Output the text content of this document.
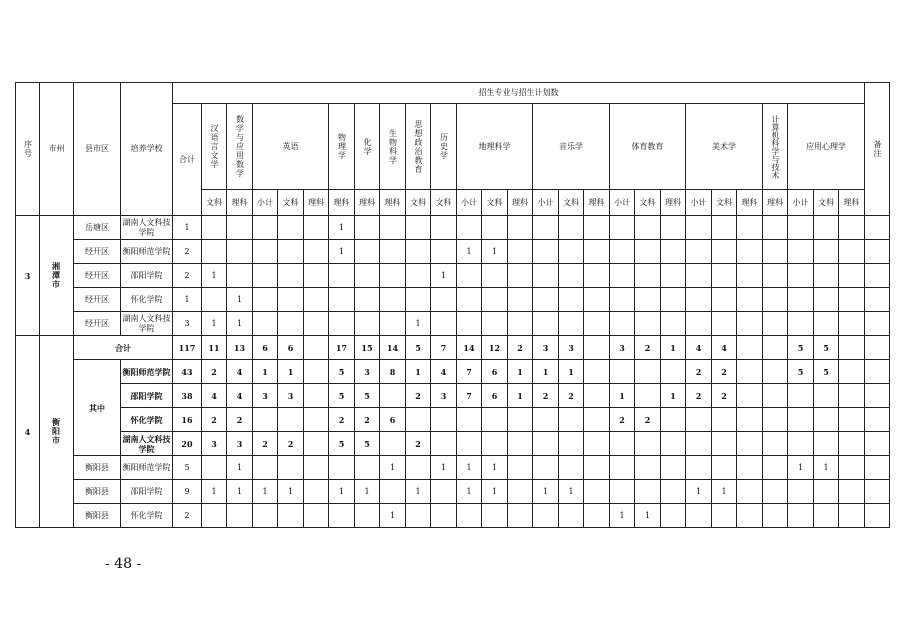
序号	市州	县市区	培养学校	招生专业与招生计划数																											备注
				合计	汉语言文学	数学与应用数学	英语			物理学	化学	生物科学	思想政治教育	历史学	地理科学			音乐学			体育教育			美术学			计算机科学与技术	应用心理学			
					文科	理科	小计	文科	理科	理科	理科	理科	文科	文科	小计	文科	理科	小计	文科	理科	小计	文科	理科	小计	文科	理科	理科	小计	文科	理科	
3	湘潭市	岳塘区	湖南人文科技学院	1						1																					
		经开区	衡阳师范学院	2						1					1	1															
		经开区	邵阳学院	2	1									1																	
		经开区	怀化学院	1		1																									
		经开区	湖南人文科技学院	3	1	1							1																		
4	衡阳市	合计		117	11	13	6	6		17	15	14	5	7	14	12	2	3	3		3	2	1	4	4			5	5		
		其中	衡阳师范学院	43	2	4	1	1		5	3	8	1	4	7	6	1	1	1					2	2			5	5		
			邵阳学院	38	4	4	3	3		5	5		2	3	7	6	1	2	2		1		1	2	2						
			怀化学院	16	2	2				2	2	6									2	2									
			湖南人文科技学院	20	3	3	2	2		5	5		2																		
		衡阳县	衡阳师范学院	5		1						1		1	1	1												1	1		
		衡阳县	邵阳学院	9	1	1	1	1		1	1		1		1	1		1	1					1	1						
		衡阳县	怀化学院	2								1									1	1									
- 48 -
